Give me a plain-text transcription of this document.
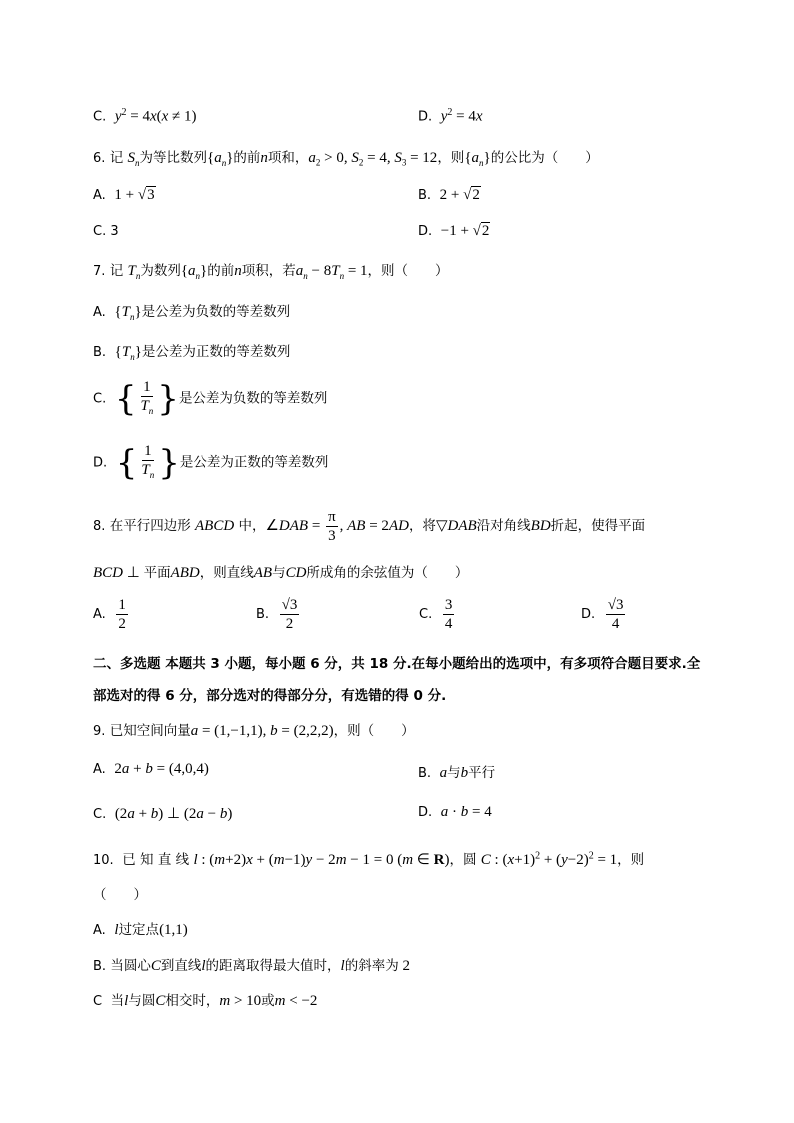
C. $y^2 = 4x(x \ne 1)$	D. $y^2 = 4x$
6. 记 $S_n$为等比数列$\{a_n\}$的前n项和，$a_2 > 0$, $S_2 = 4$, $S_3 = 12$，则$\{a_n\}$的公比为（　　）
A. 1 + √3	B. 2 + √2
C. 3	D. −1 + √2
7. 记 $T_n$为数列$\{a_n\}$的前n项积，若$a_n - 8T_n = 1$，则（　　）
A. $\{T_n\}$是公差为负数的等差数列
B. $\{T_n\}$是公差为正数的等差数列
C. { $\frac{1}{T_n}$ }是公差为负数的等差数列
D. { $\frac{1}{T_n}$ }是公差为正数的等差数列
8. 在平行四边形 ABCD 中，∠DAB = $\frac{\pi}{3}$ , AB = 2AD，将▽DAB沿对角线BD折起，使得平面
BCD ⊥ 平面ABD，则直线AB与CD所成角的余弦值为（　　）
A. $\frac{1}{2}$	B. $\frac{√3}{2}$	C. $\frac{3}{4}$	D. $\frac{√3}{4}$
二、多选题 本题共 3 小题，每小题 6 分，共 18 分.在每小题给出的选项中，有多项符合题目要求.全
部选对的得 6 分，部分选对的得部分分，有选错的得 0 分.
9. 已知空间向量a = (1,−1,1), b = (2,2,2)，则（　　）
A. 2a + b = (4,0,4)	B. a与b平行
C. (2a + b) ⊥ (2a − b)	D. a · b = 4
10.  已 知 直 线 l : (m+2)x + (m−1)y − 2m − 1 = 0 (m ∈ R)，圆 C : $(x+1)^2 + (y-2)^2 = 1$，则
（　　）
A. l过定点(1,1)
B. 当圆心C到直线l的距离取得最大值时，l的斜率为 2
C  当l与圆C相交时，m > 10或m < −2
